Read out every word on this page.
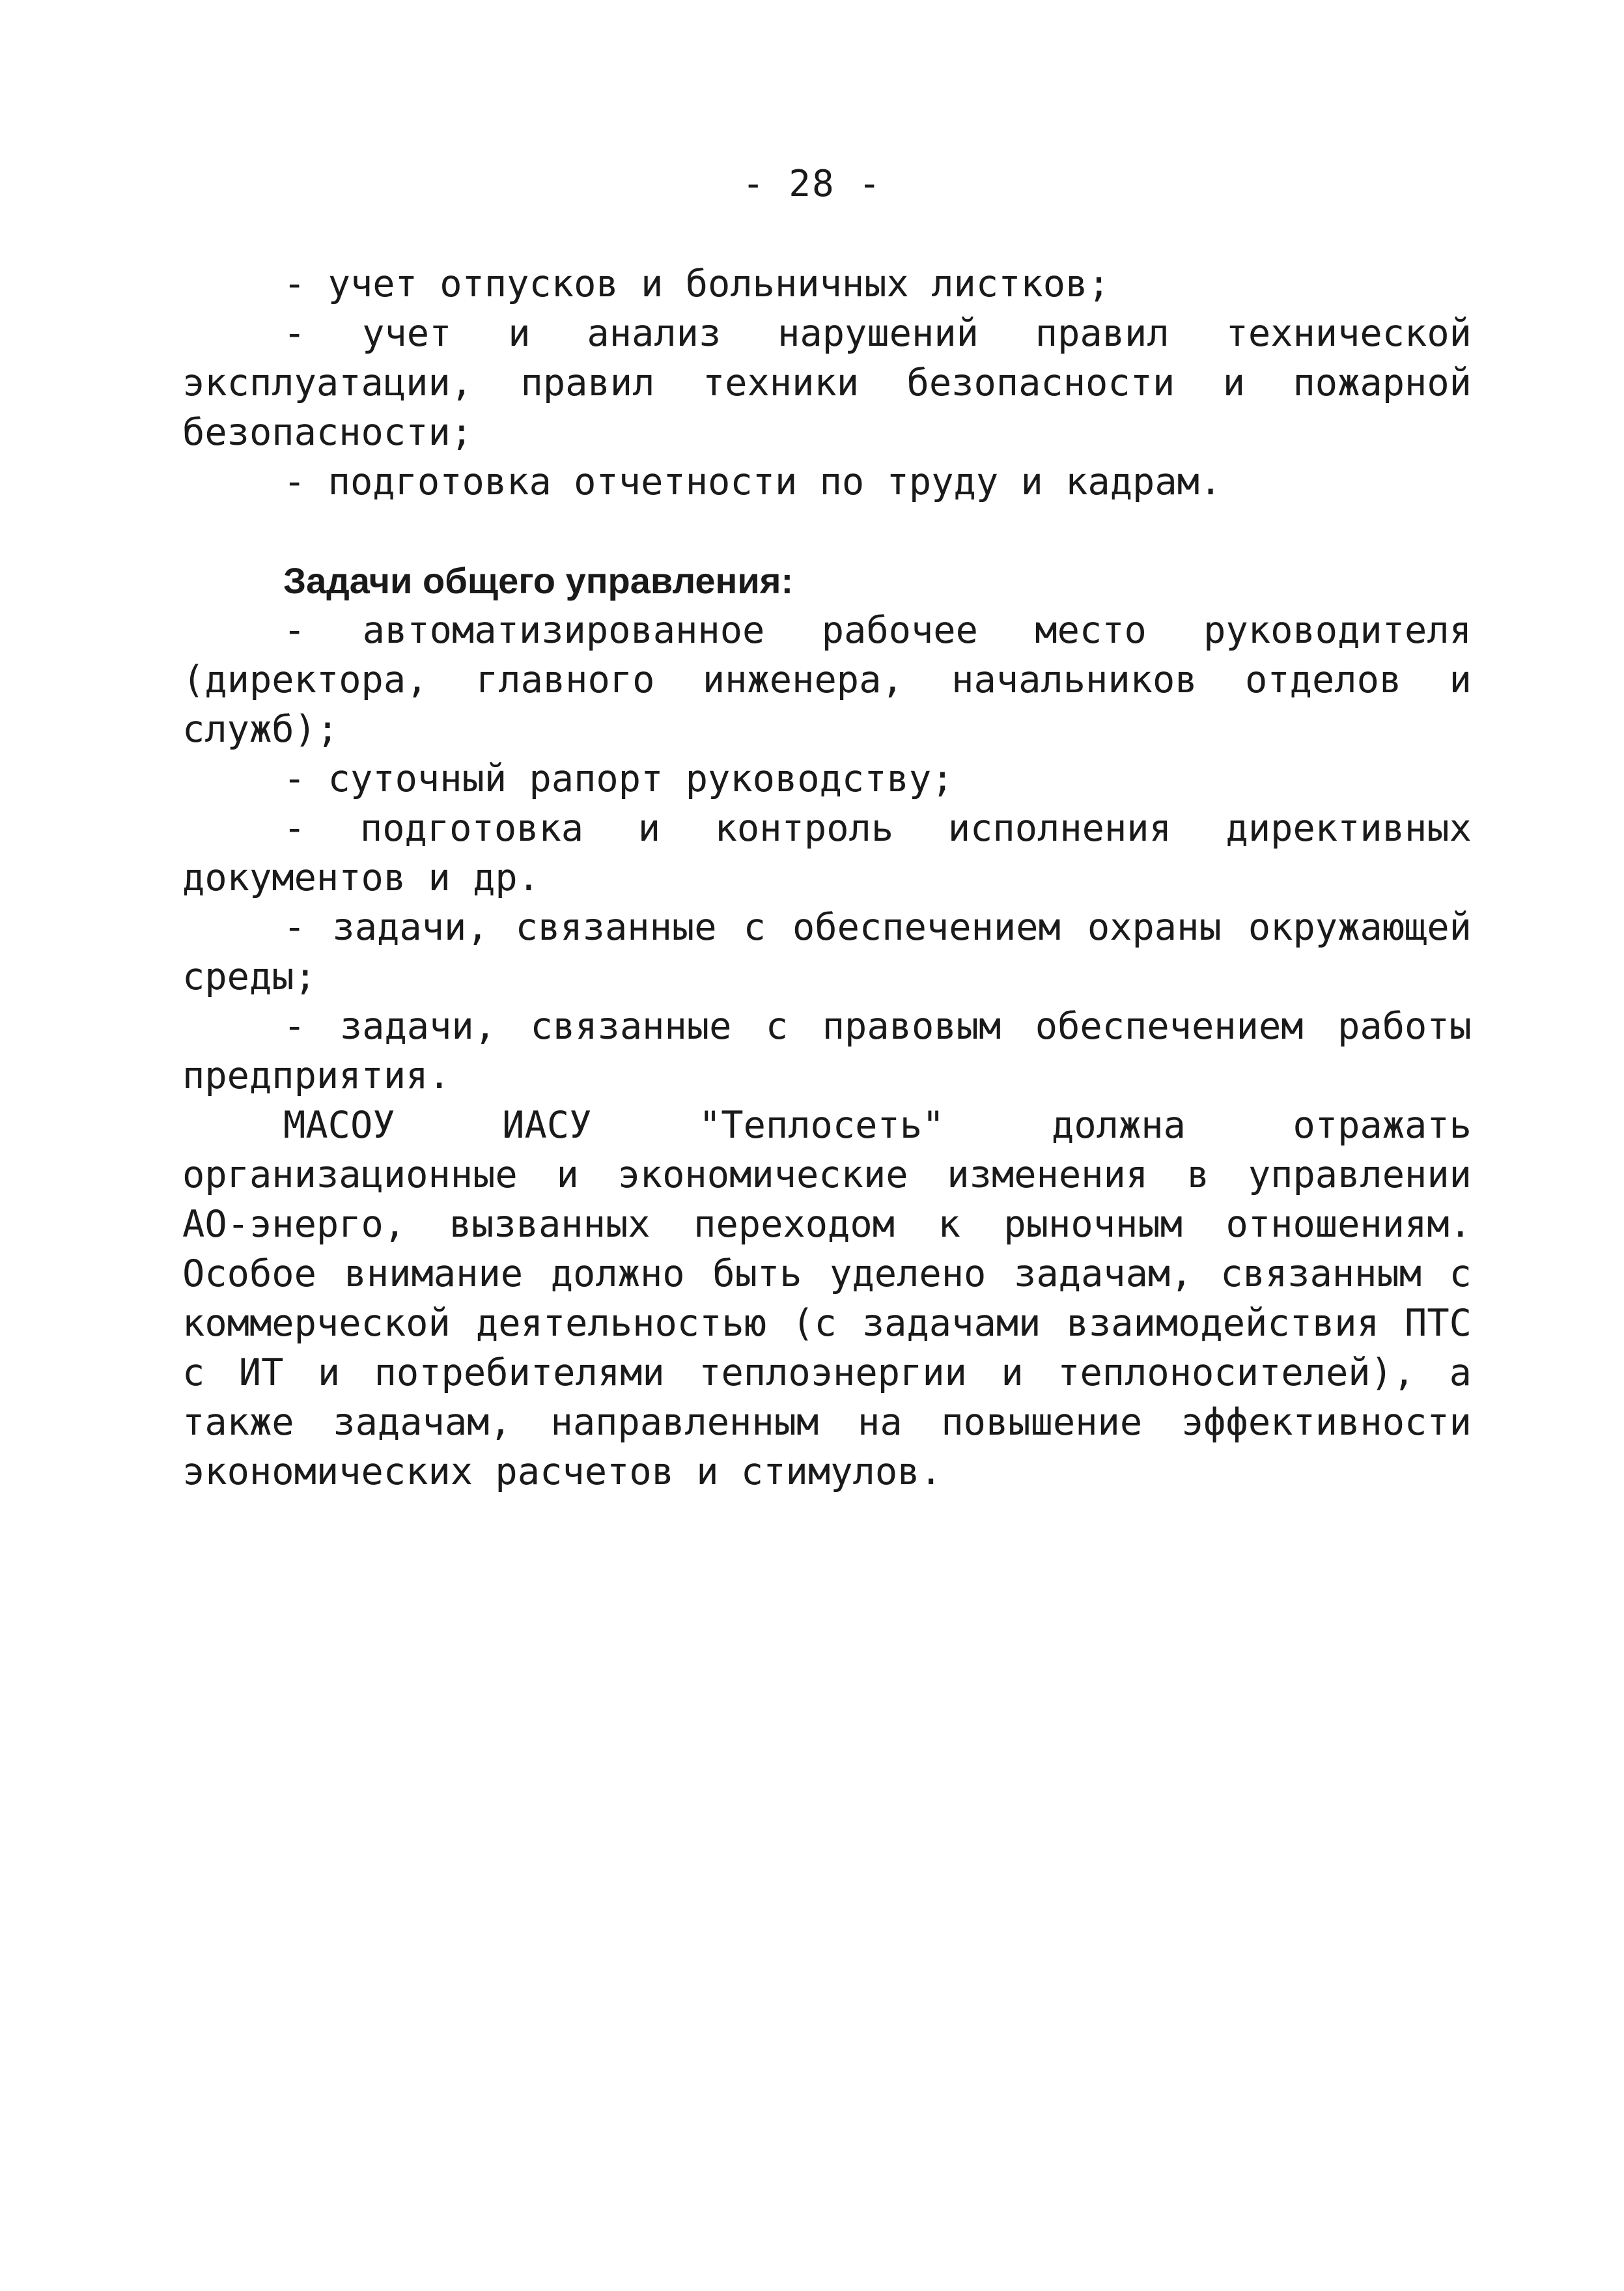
- 28 -

- учет отпусков и больничных листков;

- учет и анализ нарушений правил технической эксплуатации, правил техники безопасности и пожарной безопасности;

- подготовка отчетности по труду и кадрам.

Задачи общего управления:

- автоматизированное рабочее место руководителя (директора, главного инженера, начальников отделов и служб);

- суточный рапорт руководству;

- подготовка и контроль исполнения директивных документов и др.

- задачи, связанные с обеспечением охраны окружающей среды;

- задачи, связанные с правовым обеспечением работы предприятия.

МАСОУ ИАСУ "Теплосеть" должна отражать организационные и экономические изменения в управлении АО-энерго, вызванных переходом к рыночным отношениям. Особое внимание должно быть уделено задачам, связанным с коммерческой деятельностью (с задачами взаимодействия ПТС с ИТ и потребителями теплоэнергии и теплоносителей), а также задачам, направленным на повышение эффективности экономических расчетов и стимулов.
